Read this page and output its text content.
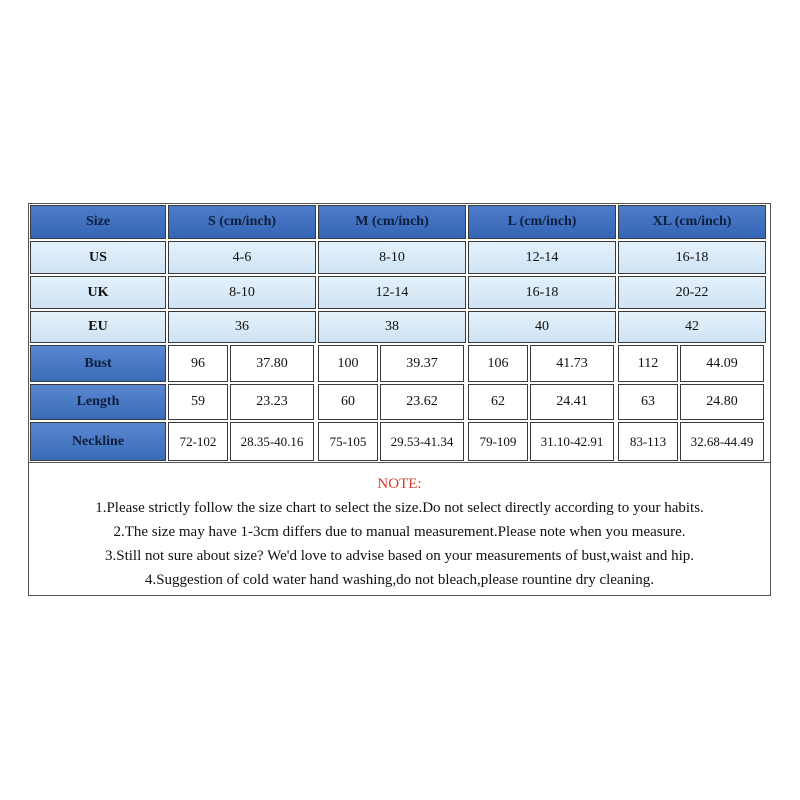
Size	S (cm/inch)	M (cm/inch)	L (cm/inch)	XL (cm/inch)
US	4-6	8-10	12-14	16-18
UK	8-10	12-14	16-18	20-22
EU	36	38	40	42
Bust	96	37.80	100	39.37	106	41.73	112	44.09
Length	59	23.23	60	23.62	62	24.41	63	24.80
Neckline	72-102	28.35-40.16	75-105	29.53-41.34	79-109	31.10-42.91	83-113	32.68-44.49
NOTE:
1.Please strictly follow the size chart to select the size.Do not select directly according to your habits.
2.The size may have 1-3cm differs due to manual measurement.Please note when you measure.
3.Still not sure about size? We'd love to advise based on your measurements of bust,waist and hip.
4.Suggestion of cold water hand washing,do not bleach,please rountine dry cleaning.
